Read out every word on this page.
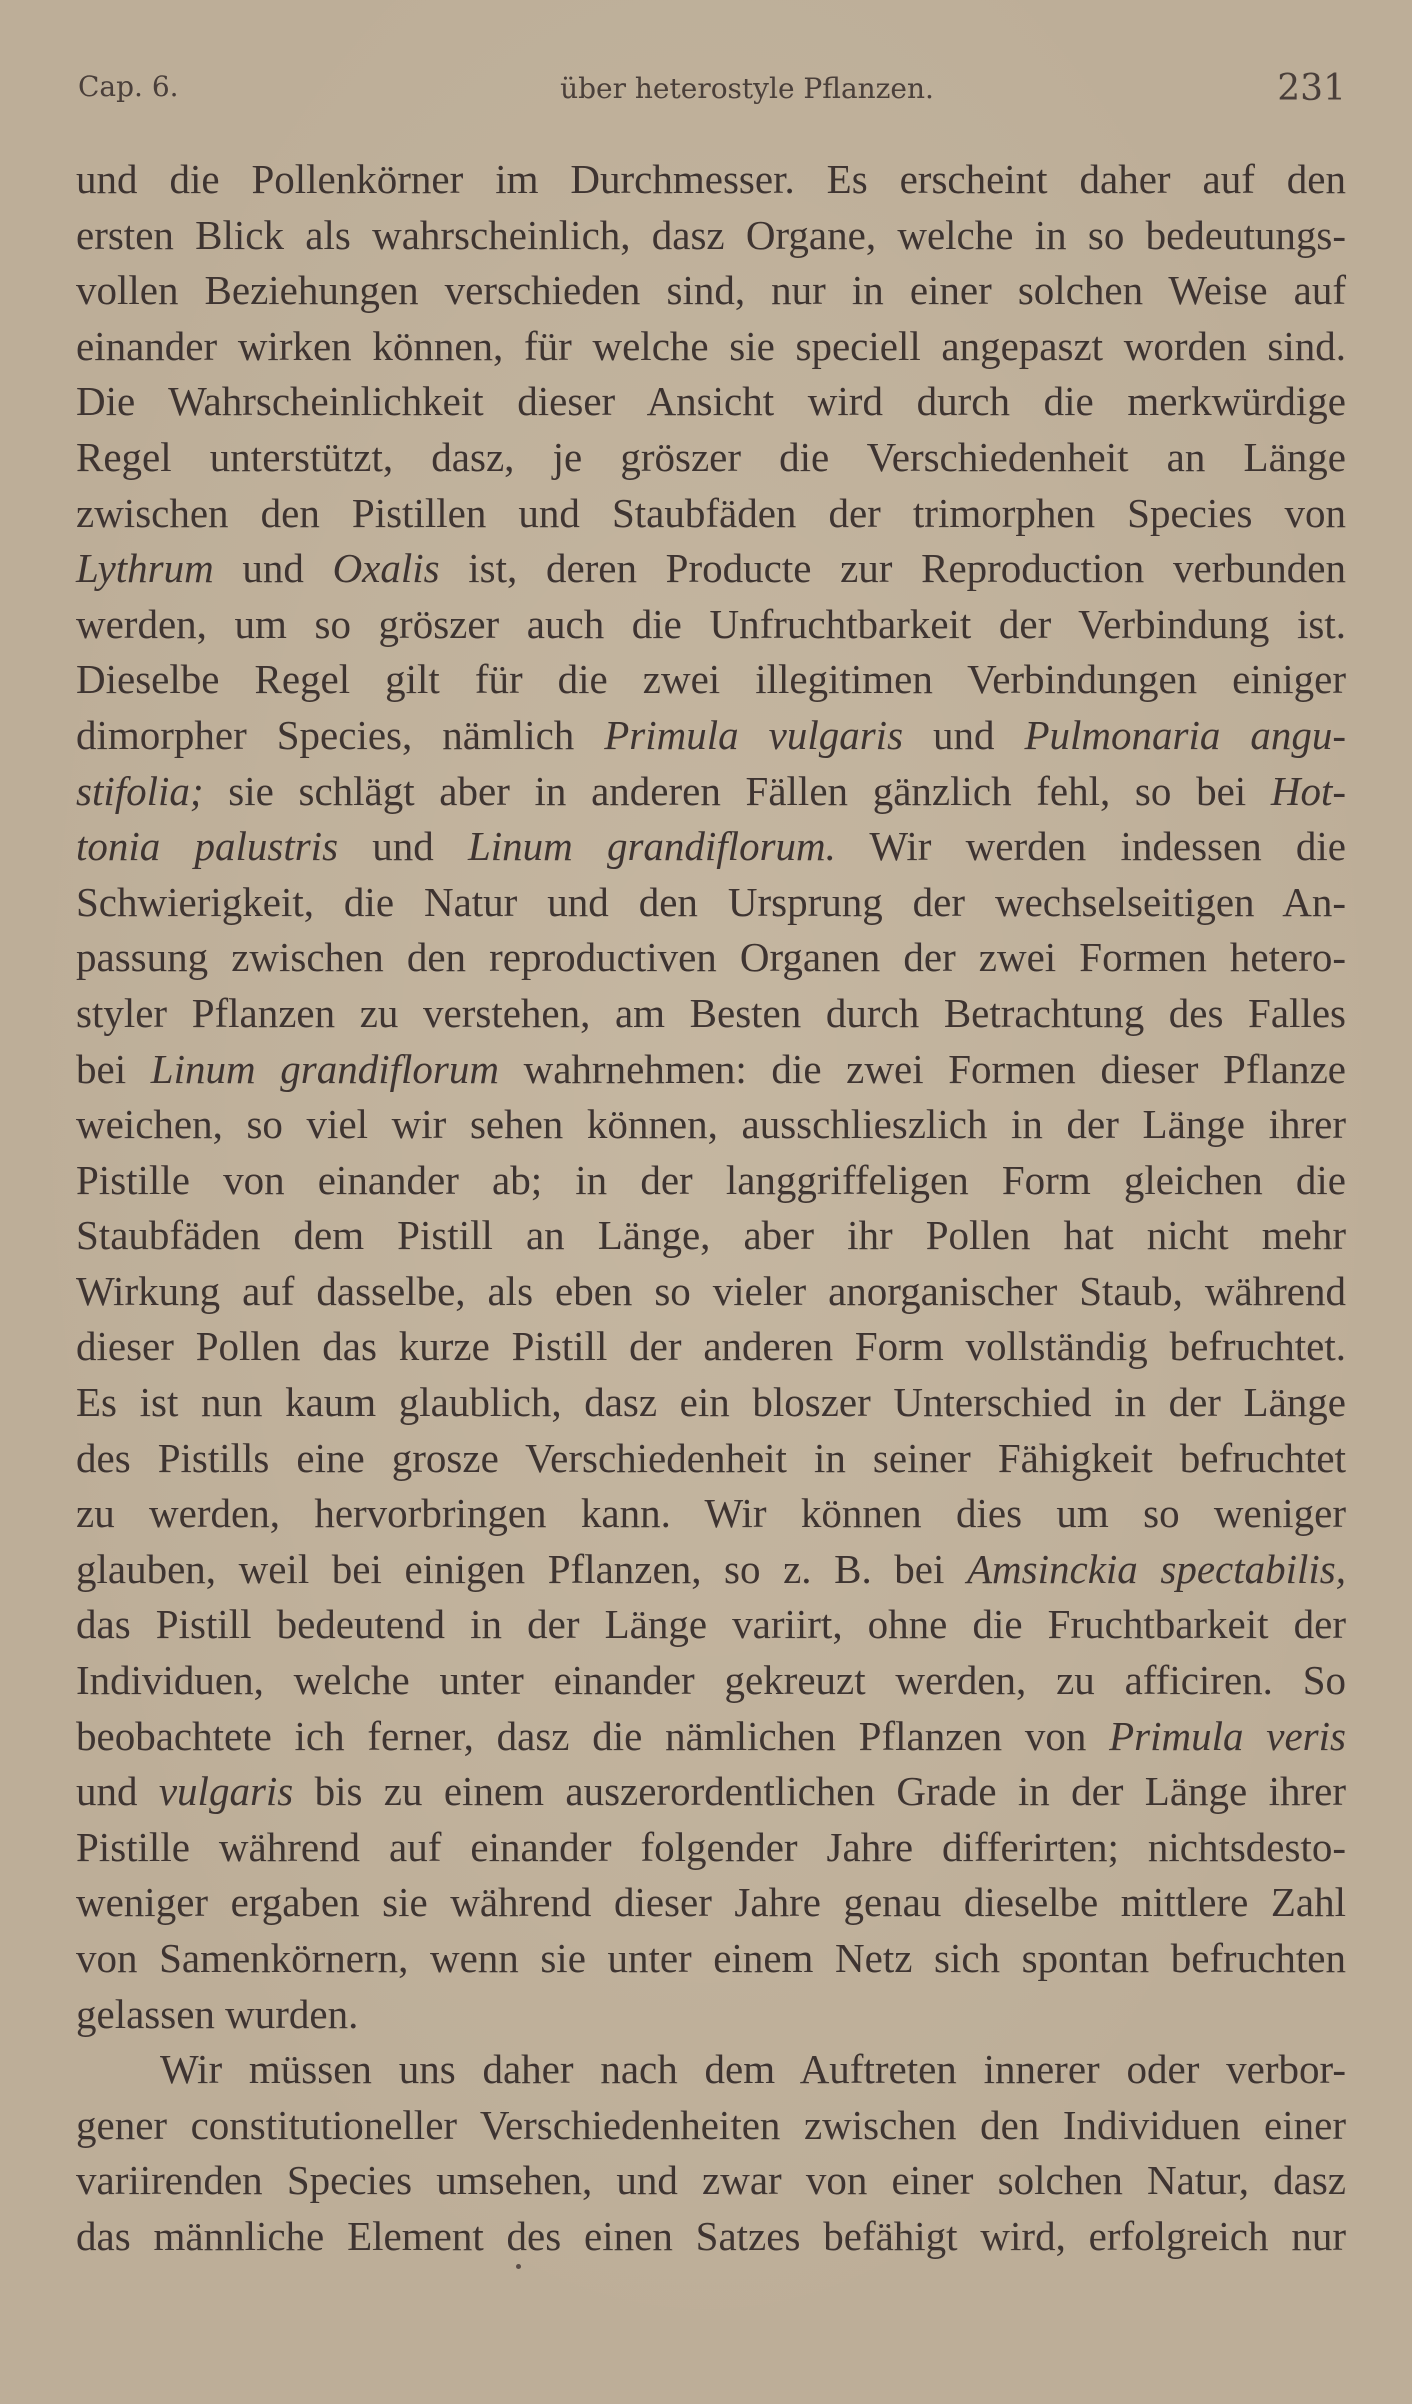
Cap. 6.	über heterostyle Pflanzen.	231
und die Pollenkörner im Durchmesser. Es erscheint daher auf den
ersten Blick als wahrscheinlich, dasz Organe, welche in so bedeutungs-
vollen Beziehungen verschieden sind, nur in einer solchen Weise auf
einander wirken können, für welche sie speciell angepaszt worden sind.
Die Wahrscheinlichkeit dieser Ansicht wird durch die merkwürdige
Regel unterstützt, dasz, je gröszer die Verschiedenheit an Länge
zwischen den Pistillen und Staubfäden der trimorphen Species von
Lythrum und Oxalis ist, deren Producte zur Reproduction verbunden
werden, um so gröszer auch die Unfruchtbarkeit der Verbindung ist.
Dieselbe Regel gilt für die zwei illegitimen Verbindungen einiger
dimorpher Species, nämlich Primula vulgaris und Pulmonaria angu-
stifolia; sie schlägt aber in anderen Fällen gänzlich fehl, so bei Hot-
tonia palustris und Linum grandiflorum. Wir werden indessen die
Schwierigkeit, die Natur und den Ursprung der wechselseitigen An-
passung zwischen den reproductiven Organen der zwei Formen hetero-
styler Pflanzen zu verstehen, am Besten durch Betrachtung des Falles
bei Linum grandiflorum wahrnehmen: die zwei Formen dieser Pflanze
weichen, so viel wir sehen können, ausschlieszlich in der Länge ihrer
Pistille von einander ab; in der langgriffeligen Form gleichen die
Staubfäden dem Pistill an Länge, aber ihr Pollen hat nicht mehr
Wirkung auf dasselbe, als eben so vieler anorganischer Staub, während
dieser Pollen das kurze Pistill der anderen Form vollständig befruchtet.
Es ist nun kaum glaublich, dasz ein bloszer Unterschied in der Länge
des Pistills eine grosze Verschiedenheit in seiner Fähigkeit befruchtet
zu werden, hervorbringen kann. Wir können dies um so weniger
glauben, weil bei einigen Pflanzen, so z. B. bei Amsinckia spectabilis,
das Pistill bedeutend in der Länge variirt, ohne die Fruchtbarkeit der
Individuen, welche unter einander gekreuzt werden, zu afficiren. So
beobachtete ich ferner, dasz die nämlichen Pflanzen von Primula veris
und vulgaris bis zu einem auszerordentlichen Grade in der Länge ihrer
Pistille während auf einander folgender Jahre differirten; nichtsdesto-
weniger ergaben sie während dieser Jahre genau dieselbe mittlere Zahl
von Samenkörnern, wenn sie unter einem Netz sich spontan befruchten
gelassen wurden.
Wir müssen uns daher nach dem Auftreten innerer oder verbor-
gener constitutioneller Verschiedenheiten zwischen den Individuen einer
variirenden Species umsehen, und zwar von einer solchen Natur, dasz
das männliche Element des einen Satzes befähigt wird, erfolgreich nur
